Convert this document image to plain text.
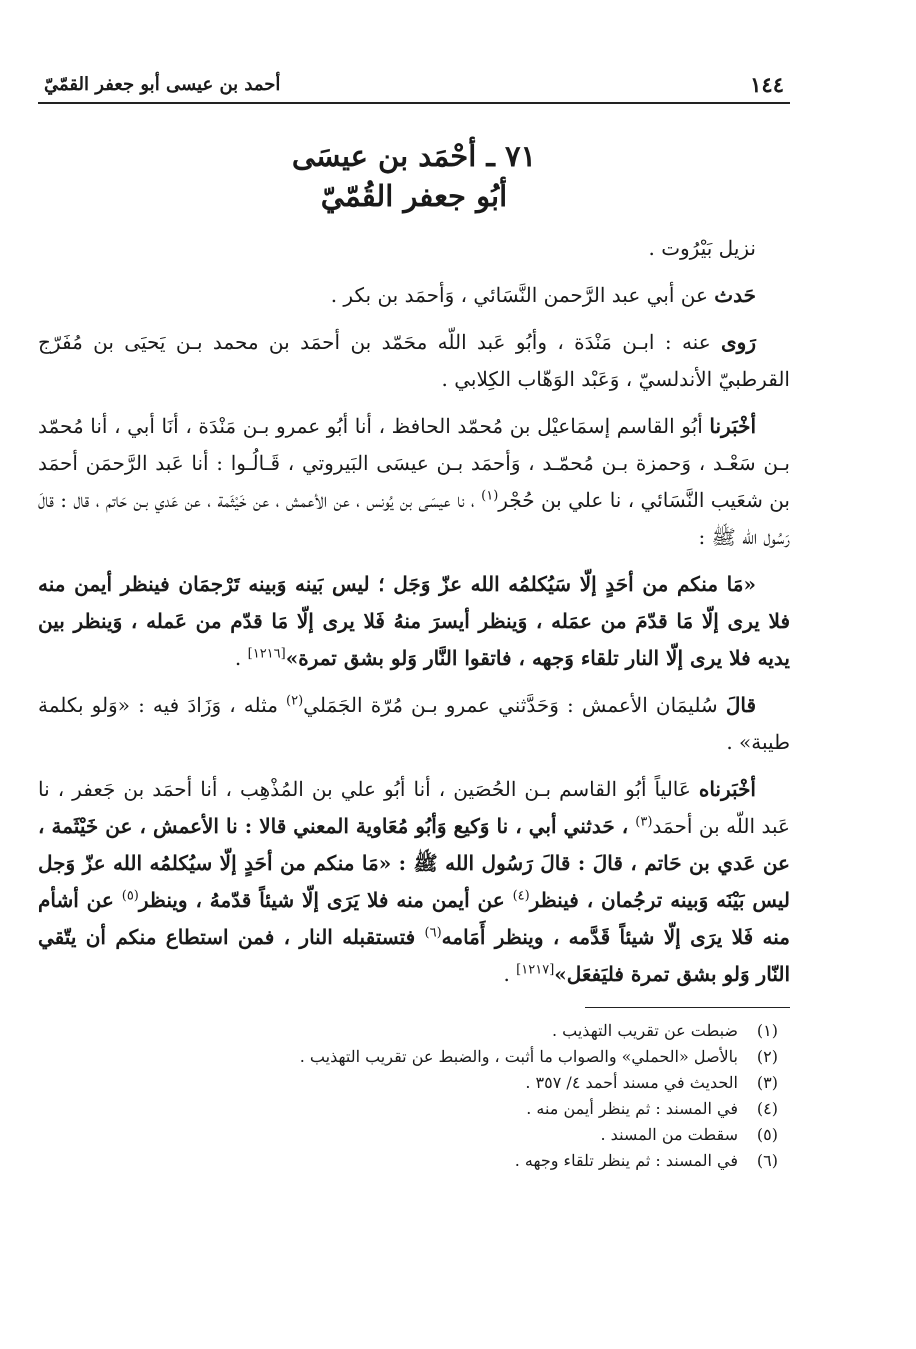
١٤٤
أحمد بن عيسى أبو جعفر القمّيّ
٧١ ـ أحْمَد بن عيسَى
أبُو جعفر القُمّيّ

نزيل بَيْرُوت .

حَدث عن أبي عبد الرَّحمن النَّسَائي ، وَأحمَد بن بكر .

رَوى عنه : ابـن مَنْدَة ، وأبُو عَبد اللّه محَمّد بن أحمَد بن محمد بـن يَحيَى بن مُفَرّج القرطبيّ الأندلسيّ ، وَعَبْد الوَهّاب الكِلابي .

أخْبَرنا أبُو القاسم إسمَاعيْل بن مُحمّد الحافظ ، أنا أبُو عمرو بـن مَنْدَة ، أنَا أبي ، أنا مُحمّد بـن سَعْـد ، وَحمزة بـن مُحمّـد ، وَأحمَد بـن عيسَى البَيروتي ، قَـالُـوا : أنا عَبد الرَّحمَن أحمَد بن شعَيب النَّسَائي ، نا علي بن حُجْر$^{(١)}$ ، نا عيسَى بن يُونس ، عن الأعمش ، عن خَيْثَمة ، عن عَدي بـن حَاتم ، قال : قالَ رَسُول الله ﷺ :

«مَا منكم من أحَدٍ إلّا سَيُكلمُه الله عزّ وَجَل ؛ ليس بَينه وَبينه تَرْجمَان فينظر أيمن منه فلا يرى إلّا مَا قدّمَ من عمَله ، وَينظر أيسرَ منهُ فَلا يرى إلّا مَا قدّم من عَمله ، وَينظر بين يديه فلا يرى إلّا النار تلقاء وَجهه ، فاتقوا النَّار وَلو بشق تمرة»[١٢١٦] .

قالَ سُليمَان الأعمش : وَحَدَّثني عمرو بـن مُرّة الجَمَلي$^{(٢)}$ مثله ، وَزَادَ فيه : «وَلو بكلمة طيبة» .

أخْبَرناه عَالياً أبُو القاسم بـن الحُصَين ، أنا أبُو علي بن المُذْهِب ، أنا أحمَد بن جَعفر ، نا عَبد اللّه بن أحمَد$^{(٣)}$ ، حَدثني أبي ، نا وَكيع وَأبُو مُعَاوية المعني قالا : نا الأعمش ، عن خَيْثَمة ، عن عَدي بن حَاتم ، قالَ : قالَ رَسُول الله ﷺ : «مَا منكم من أحَدٍ إلّا سيُكلمُه الله عزّ وَجل ليس بَيْنَه وَبينه ترجُمان ، فينظر$^{(٤)}$ عن أيمن منه فلا يَرَى إلّا شيئاً قدّمهُ ، وينظر$^{(٥)}$ عن أشأم منه فَلا يرَى إلّا شيئاً قَدَّمه ، وينظر أَمَامه$^{(٦)}$ فتستقبله النار ، فمن استطاع منكم أن يتّقي النّار وَلو بشق تمرة فليَفعَل»[١٢١٧] .

(١)
ضبطت عن تقريب التهذيب .
(٢)
بالأصل «الحملي» والصواب ما أثبت ، والضبط عن تقريب التهذيب .
(٣)
الحديث في مسند أحمد ٤/ ٣٥٧ .
(٤)
في المسند : ثم ينظر أيمن منه .
(٥)
سقطت من المسند .
(٦)
في المسند : ثم ينظر تلقاء وجهه .
